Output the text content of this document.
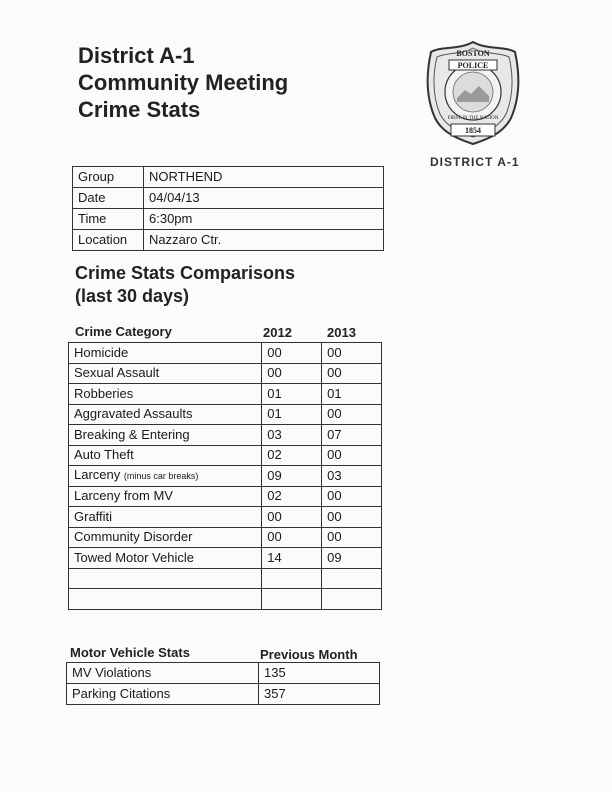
District A-1
Community Meeting
Crime Stats
BOSTON
POLICE
FIRST IN THE NATION
1854
DISTRICT A-1
Group	NORTHEND
Date	04/04/13
Time	6:30pm
Location	Nazzaro Ctr.
Crime Stats Comparisons
(last 30 days)
Crime Category	2012	2013
Homicide	00	00
Sexual Assault	00	00
Robberies	01	01
Aggravated Assaults	01	00
Breaking & Entering	03	07
Auto Theft	02	00
Larceny (minus car breaks)	09	03
Larceny from MV	02	00
Graffiti	00	00
Community Disorder	00	00
Towed Motor Vehicle	14	09

Motor Vehicle Stats	Previous Month
MV Violations	135
Parking Citations	357
